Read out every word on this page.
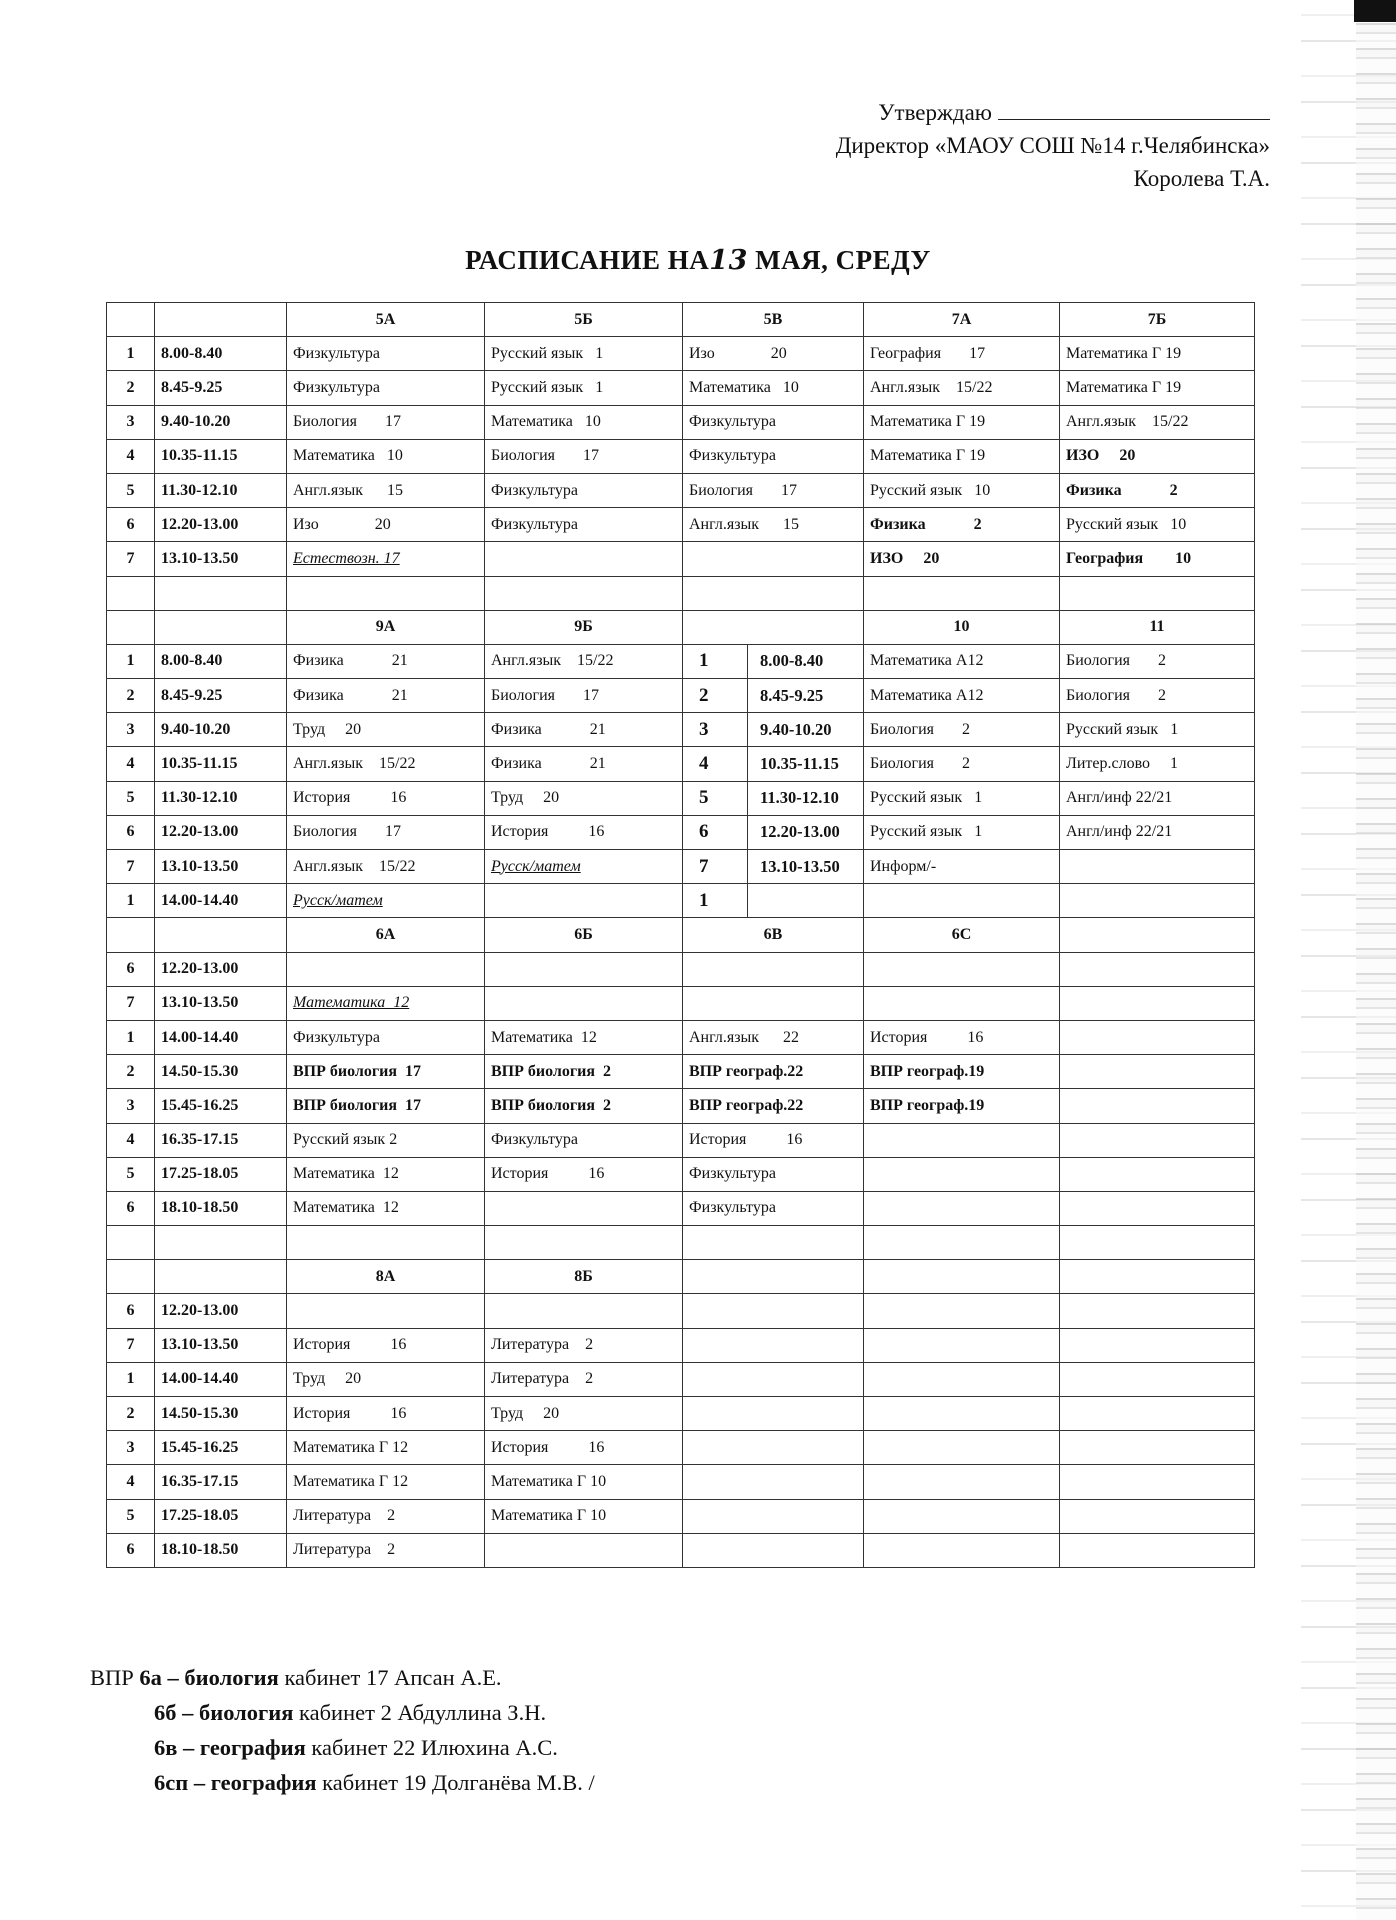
Утверждаю
Директор «МАОУ СОШ №14 г.Челябинска»
Королева Т.А.
РАСПИСАНИЕ НА13 МАЯ, СРЕДУ
		5А	5Б	5В	7А	7Б
1	8.00-8.40	Физкультура	Русский язык   1	Изо              20	География       17	Математика Г 19
2	8.45-9.25	Физкультура	Русский язык   1	Математика   10	Англ.язык    15/22	Математика Г 19
3	9.40-10.20	Биология       17	Математика   10	Физкультура	Математика Г 19	Англ.язык    15/22
4	10.35-11.15	Математика   10	Биология       17	Физкультура	Математика Г 19	ИЗО     20
5	11.30-12.10	Англ.язык      15	Физкультура	Биология       17	Русский язык   10	Физика            2
6	12.20-13.00	Изо              20	Физкультура	Англ.язык      15	Физика            2	Русский язык   10
7	13.10-13.50	Естествозн. 17			ИЗО     20	География        10

		9А	9Б		10	11
1	8.00-8.40	Физика            21	Англ.язык    15/22	1 8.00-8.40	Математика А12	Биология       2
2	8.45-9.25	Физика            21	Биология       17	2 8.45-9.25	Математика А12	Биология       2
3	9.40-10.20	Труд     20	Физика            21	3 9.40-10.20	Биология       2	Русский язык   1
4	10.35-11.15	Англ.язык    15/22	Физика            21	4 10.35-11.15	Биология       2	Литер.слово     1
5	11.30-12.10	История          16	Труд     20	5 11.30-12.10	Русский язык   1	Англ/инф 22/21
6	12.20-13.00	Биология       17	История          16	6 12.20-13.00	Русский язык   1	Англ/инф 22/21
7	13.10-13.50	Англ.язык    15/22	Русск/матем	7 13.10-13.50	Информ/-	
1	14.00-14.40	Русск/матем		1		

		6А	6Б	6В	6С	
6	12.20-13.00					
7	13.10-13.50	Математика  12				
1	14.00-14.40	Физкультура	Математика  12	Англ.язык      22	История          16	
2	14.50-15.30	ВПР биология  17	ВПР биология  2	ВПР географ.22	ВПР географ.19	
3	15.45-16.25	ВПР биология  17	ВПР биология  2	ВПР географ.22	ВПР географ.19	
4	16.35-17.15	Русский язык 2	Физкультура	История          16		
5	17.25-18.05	Математика  12	История          16	Физкультура		
6	18.10-18.50	Математика  12		Физкультура		

		8А	8Б			
6	12.20-13.00					
7	13.10-13.50	История          16	Литература    2			
1	14.00-14.40	Труд     20	Литература    2			
2	14.50-15.30	История          16	Труд     20			
3	15.45-16.25	Математика Г 12	История          16			
4	16.35-17.15	Математика Г 12	Математика Г 10			
5	17.25-18.05	Литература    2	Математика Г 10			
6	18.10-18.50	Литература    2				
ВПР 6а – биология кабинет 17 Апсан А.Е.
6б – биология кабинет 2 Абдуллина З.Н.
6в – география кабинет 22 Илюхина А.С.
6сп – география кабинет 19 Долганёва М.В. /
